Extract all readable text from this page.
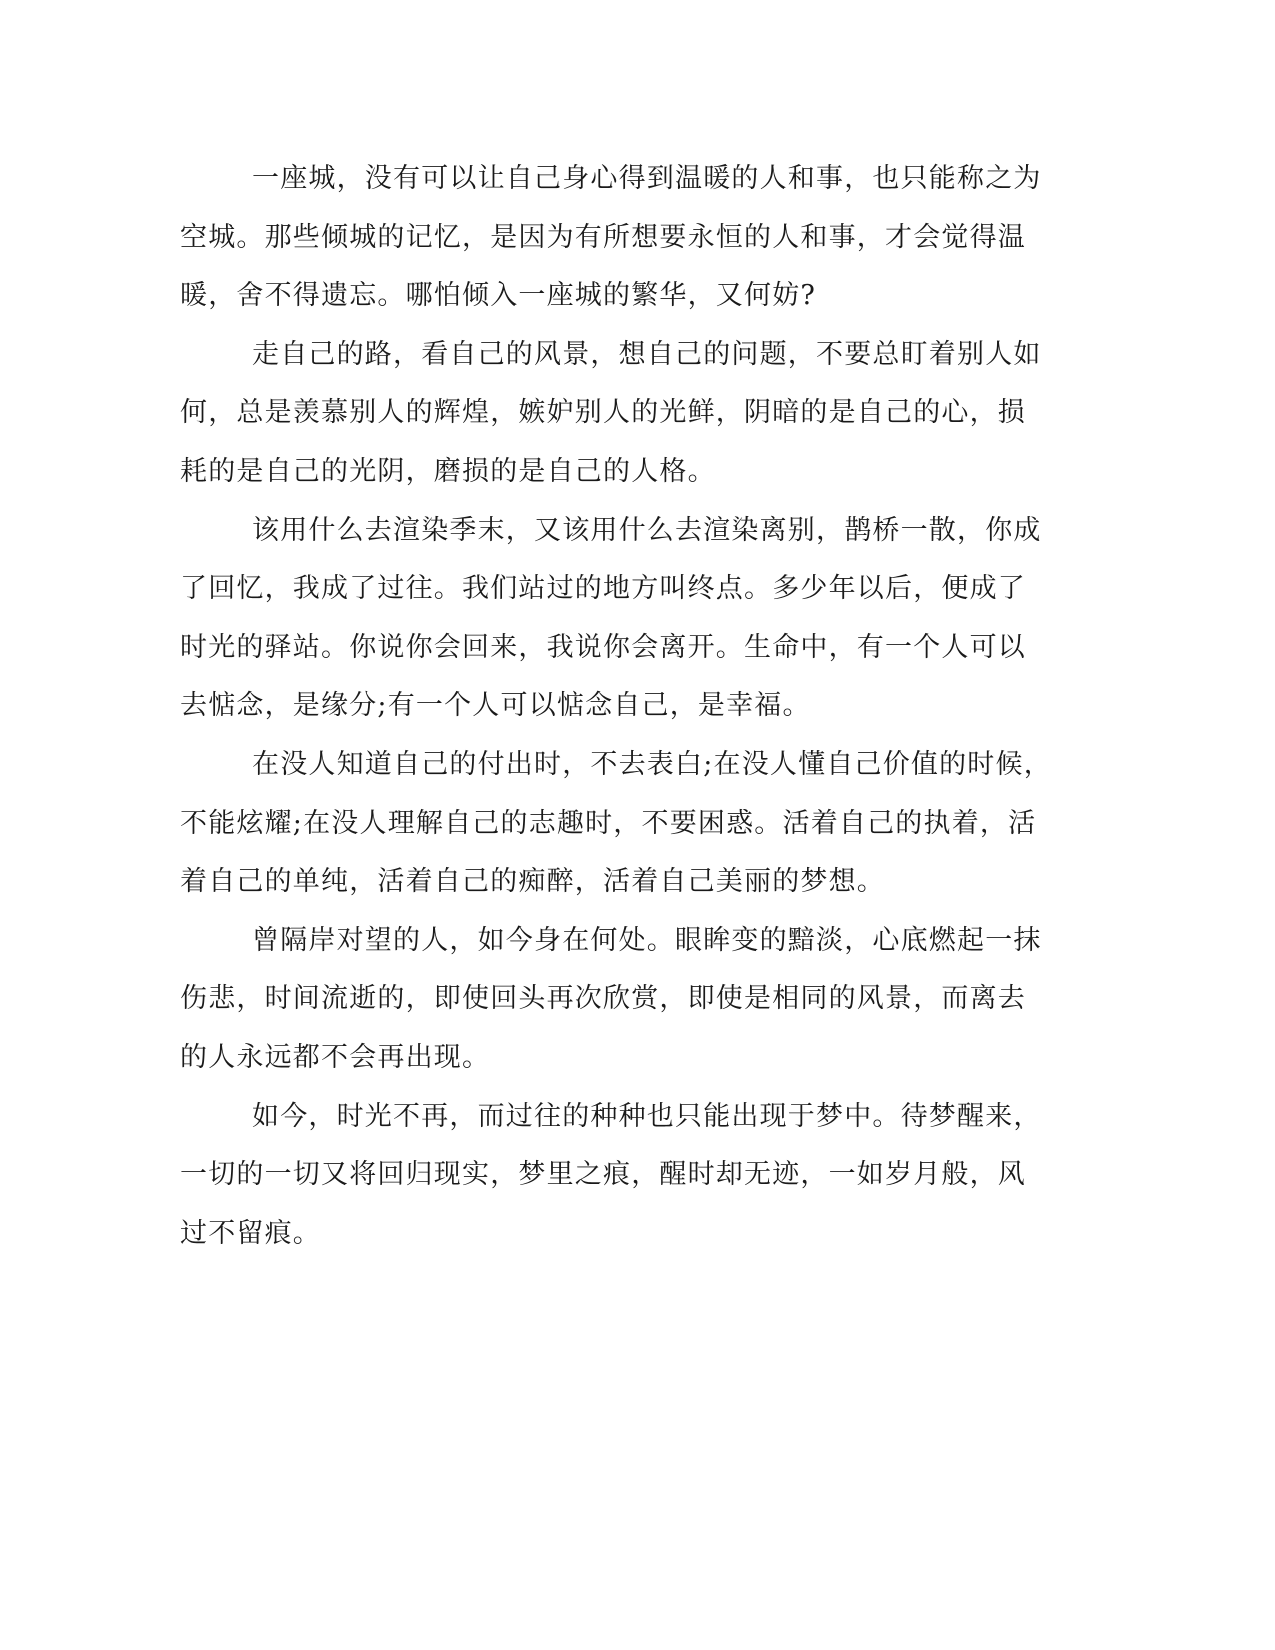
一座城，没有可以让自己身心得到温暖的人和事，也只能称之为
空城。那些倾城的记忆，是因为有所想要永恒的人和事，才会觉得温
暖，舍不得遗忘。哪怕倾入一座城的繁华，又何妨?
走自己的路，看自己的风景，想自己的问题，不要总盯着别人如
何，总是羡慕别人的辉煌，嫉妒别人的光鲜，阴暗的是自己的心，损
耗的是自己的光阴，磨损的是自己的人格。
该用什么去渲染季末，又该用什么去渲染离别，鹊桥一散，你成
了回忆，我成了过往。我们站过的地方叫终点。多少年以后，便成了
时光的驿站。你说你会回来，我说你会离开。生命中，有一个人可以
去惦念，是缘分;有一个人可以惦念自己，是幸福。
在没人知道自己的付出时，不去表白;在没人懂自己价值的时候，
不能炫耀;在没人理解自己的志趣时，不要困惑。活着自己的执着，活
着自己的单纯，活着自己的痴醉，活着自己美丽的梦想。
曾隔岸对望的人，如今身在何处。眼眸变的黯淡，心底燃起一抹
伤悲，时间流逝的，即使回头再次欣赏，即使是相同的风景，而离去
的人永远都不会再出现。
如今，时光不再，而过往的种种也只能出现于梦中。待梦醒来，
一切的一切又将回归现实，梦里之痕，醒时却无迹，一如岁月般，风
过不留痕。
